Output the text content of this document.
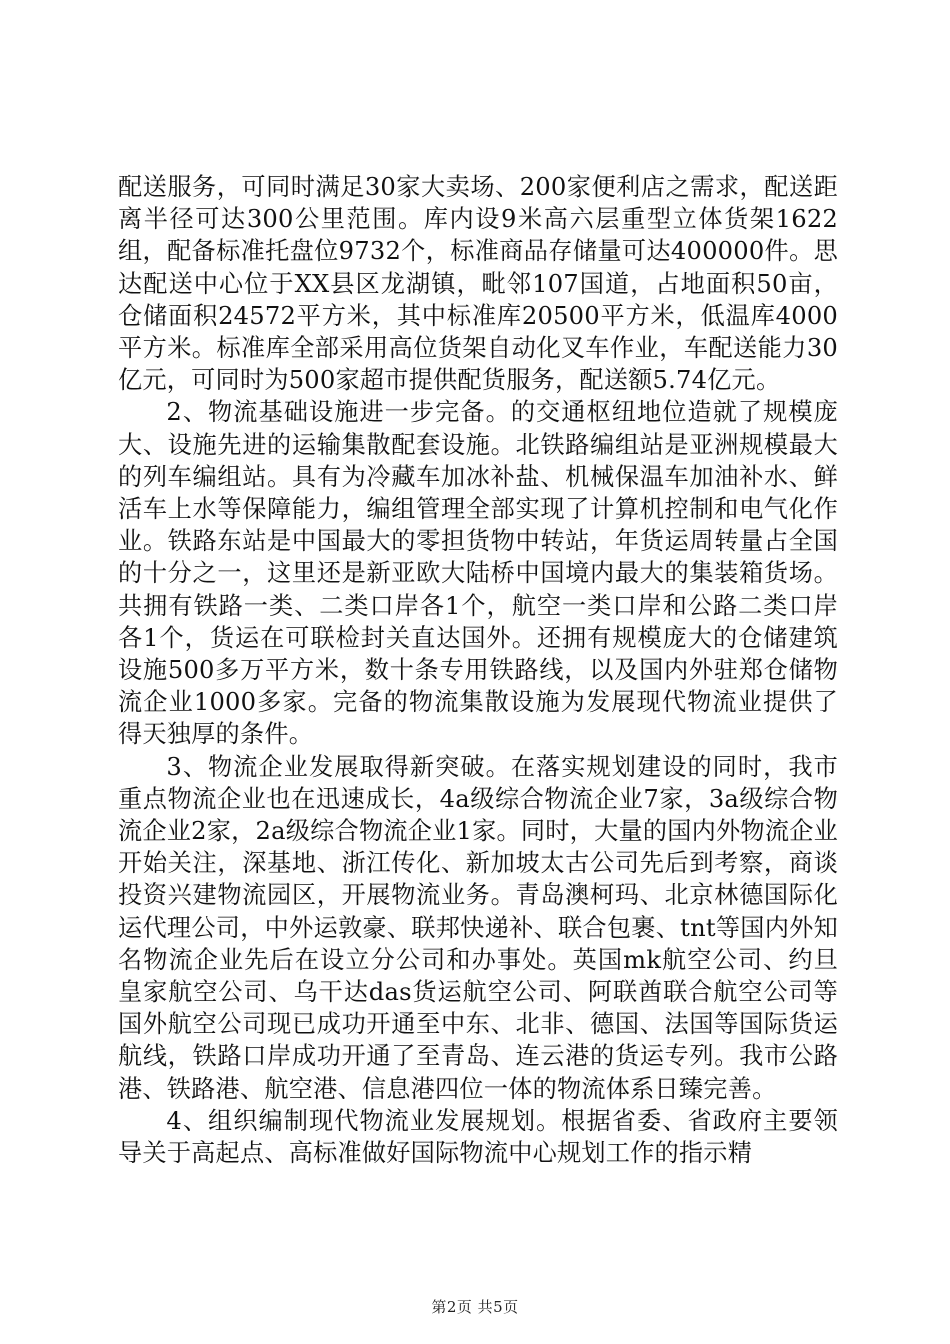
配送服务，可同时满足30家大卖场、200家便利店之需求，配送距离半径可达300公里范围。库内设9米高六层重型立体货架1622组，配备标准托盘位9732个，标准商品存储量可达400000件。思达配送中心位于XX县区龙湖镇，毗邻107国道，占地面积50亩，仓储面积24572平方米，其中标准库20500平方米，低温库4000平方米。标准库全部采用高位货架自动化叉车作业，车配送能力30亿元，可同时为500家超市提供配货服务，配送额5.74亿元。

2、物流基础设施进一步完备。的交通枢纽地位造就了规模庞大、设施先进的运输集散配套设施。北铁路编组站是亚洲规模最大的列车编组站。具有为冷藏车加冰补盐、机械保温车加油补水、鲜活车上水等保障能力，编组管理全部实现了计算机控制和电气化作业。铁路东站是中国最大的零担货物中转站，年货运周转量占全国的十分之一，这里还是新亚欧大陆桥中国境内最大的集装箱货场。共拥有铁路一类、二类口岸各1个，航空一类口岸和公路二类口岸各1个，货运在可联检封关直达国外。还拥有规模庞大的仓储建筑设施500多万平方米，数十条专用铁路线，以及国内外驻郑仓储物流企业1000多家。完备的物流集散设施为发展现代物流业提供了得天独厚的条件。

3、物流企业发展取得新突破。在落实规划建设的同时，我市重点物流企业也在迅速成长，4a级综合物流企业7家，3a级综合物流企业2家，2a级综合物流企业1家。同时，大量的国内外物流企业开始关注，深基地、浙江传化、新加坡太古公司先后到考察，商谈投资兴建物流园区，开展物流业务。青岛澳柯玛、北京林德国际化运代理公司，中外运敦豪、联邦快递补、联合包裹、tnt等国内外知名物流企业先后在设立分公司和办事处。英国mk航空公司、约旦皇家航空公司、乌干达das货运航空公司、阿联酋联合航空公司等国外航空公司现已成功开通至中东、北非、德国、法国等国际货运航线，铁路口岸成功开通了至青岛、连云港的货运专列。我市公路港、铁路港、航空港、信息港四位一体的物流体系日臻完善。

4、组织编制现代物流业发展规划。根据省委、省政府主要领导关于高起点、高标准做好国际物流中心规划工作的指示精

第2页 共5页
